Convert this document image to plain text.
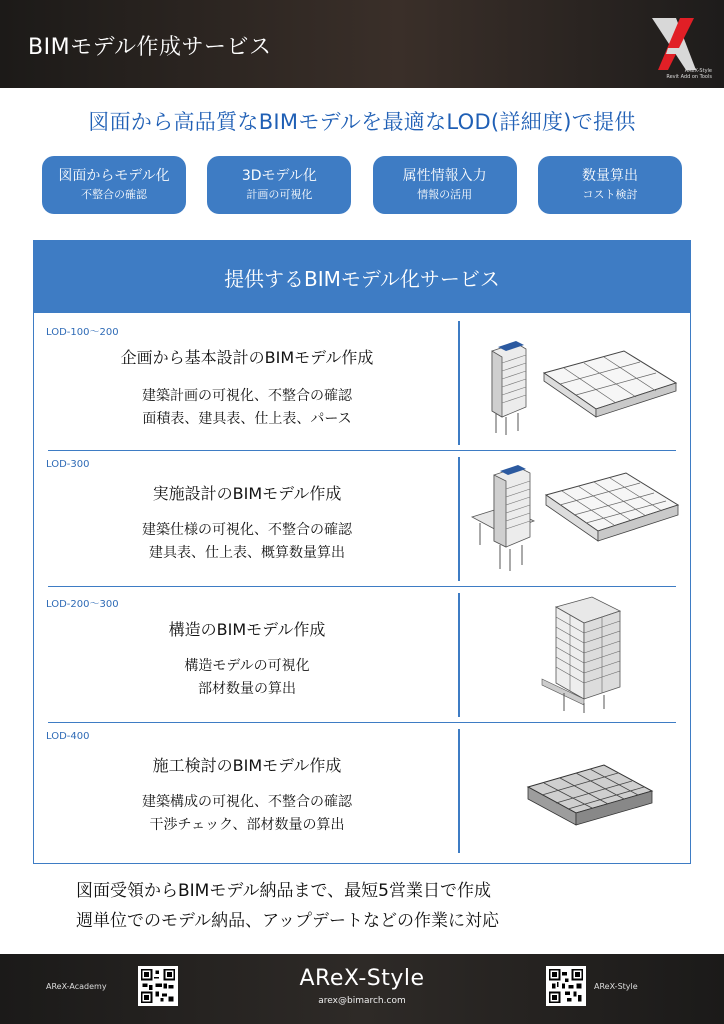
BIMモデル作成サービス
AReX-Style
Revit Add on Tools
図面から高品質なBIMモデルを最適なLOD(詳細度)で提供
図面からモデル化
不整合の確認
3Dモデル化
計画の可視化
属性情報入力
情報の活用
数量算出
コスト検討
提供するBIMモデル化サービス
LOD-100～200
企画から基本設計のBIMモデル作成
建築計画の可視化、不整合の確認
面積表、建具表、仕上表、パース
LOD-300
実施設計のBIMモデル作成
建築仕様の可視化、不整合の確認
建具表、仕上表、概算数量算出
LOD-200～300
構造のBIMモデル作成
構造モデルの可視化
部材数量の算出
LOD-400
施工検討のBIMモデル作成
建築構成の可視化、不整合の確認
干渉チェック、部材数量の算出
図面受領からBIMモデル納品まで、最短5営業日で作成
週単位でのモデル納品、アップデートなどの作業に対応
AReX-Academy	AReX-Style
arex@bimarch.com
AReX-Style
